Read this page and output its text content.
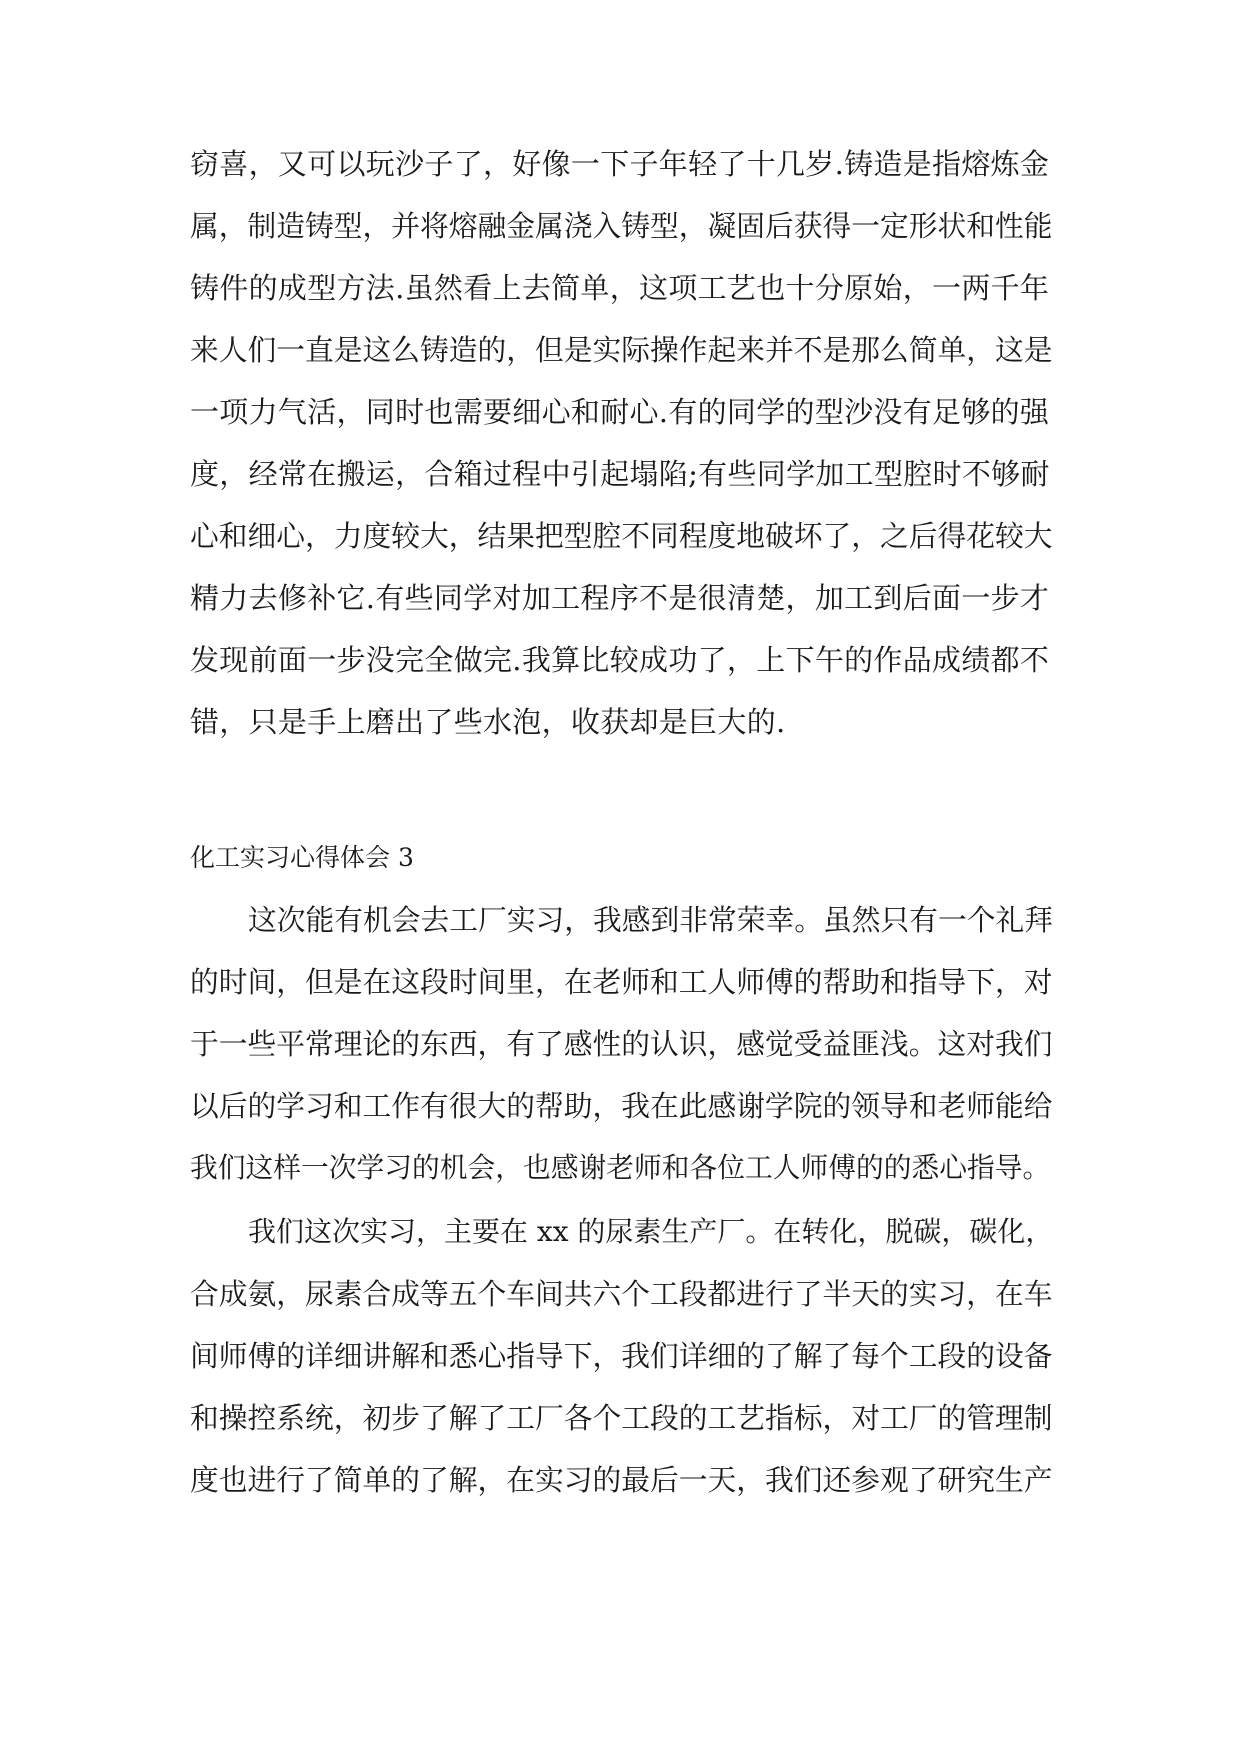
窃喜，又可以玩沙子了，好像一下子年轻了十几岁.铸造是指熔炼金
属，制造铸型，并将熔融金属浇入铸型，凝固后获得一定形状和性能
铸件的成型方法.虽然看上去简单，这项工艺也十分原始，一两千年
来人们一直是这么铸造的，但是实际操作起来并不是那么简单，这是
一项力气活，同时也需要细心和耐心.有的同学的型沙没有足够的强
度，经常在搬运，合箱过程中引起塌陷;有些同学加工型腔时不够耐
心和细心，力度较大，结果把型腔不同程度地破坏了，之后得花较大
精力去修补它.有些同学对加工程序不是很清楚，加工到后面一步才
发现前面一步没完全做完.我算比较成功了，上下午的作品成绩都不
错，只是手上磨出了些水泡，收获却是巨大的.
化工实习心得体会 3
这次能有机会去工厂实习，我感到非常荣幸。虽然只有一个礼拜
的时间，但是在这段时间里，在老师和工人师傅的帮助和指导下，对
于一些平常理论的东西，有了感性的认识，感觉受益匪浅。这对我们
以后的学习和工作有很大的帮助，我在此感谢学院的领导和老师能给
我们这样一次学习的机会，也感谢老师和各位工人师傅的的悉心指导。
我们这次实习，主要在 xx 的尿素生产厂。在转化，脱碳，碳化，
合成氨，尿素合成等五个车间共六个工段都进行了半天的实习，在车
间师傅的详细讲解和悉心指导下，我们详细的了解了每个工段的设备
和操控系统，初步了解了工厂各个工段的工艺指标，对工厂的管理制
度也进行了简单的了解，在实习的最后一天，我们还参观了研究生产
